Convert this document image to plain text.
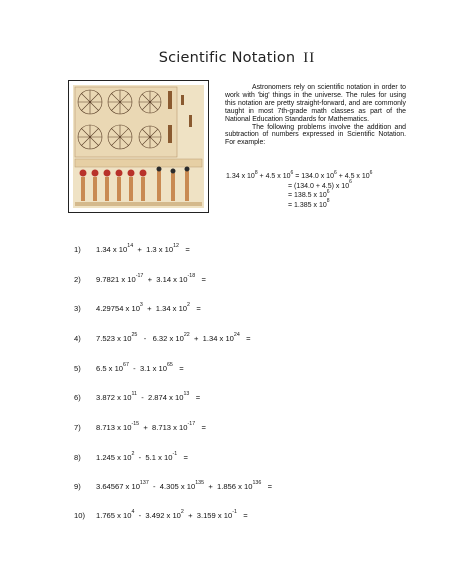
Scientific Notation II

Astronomers rely on scientific notation in order to work with 'big' things in the universe. The rules for using this notation are pretty straight-forward, and are commonly taught in most 7th-grade math classes as part of the National Education Standards for Mathematics.

The following problems involve the addition and subtraction of numbers expressed in Scientific Notation. For example:

1.34 x $10^8 + 4.5$ x $10^6 = 134.0$ x $10^6 + 4.5$ x $10^6$
= (134.0 + 4.5) x $10^6$
= 138.5 x $10^6$
= 1.385 x $10^8$
1) 1.34 x $10^{14} + 1.3$ x $10^{12}$ =
2) 9.7821 x $10^{-17} + 3.14$ x $10^{-18}$ =
3) 4.29754 x $10^3 + 1.34$ x $10^2$ =
4) 7.523 x $10^{25} - 6.32$ x $10^{22} + 1.34$ x $10^{24}$ =
5) 6.5 x $10^{67} - 3.1$ x $10^{65}$ =
6) 3.872 x $10^{11} - 2.874$ x $10^{13}$ =
7) 8.713 x $10^{-15} + 8.713$ x $10^{-17}$ =
8) 1.245 x $10^2 - 5.1$ x $10^{-1}$ =
9) 3.64567 x $10^{137} - 4.305$ x $10^{135} + 1.856$ x $10^{136}$ =
10) 1.765 x $10^4 - 3.492$ x $10^2 + 3.159$ x $10^{-1}$ =
